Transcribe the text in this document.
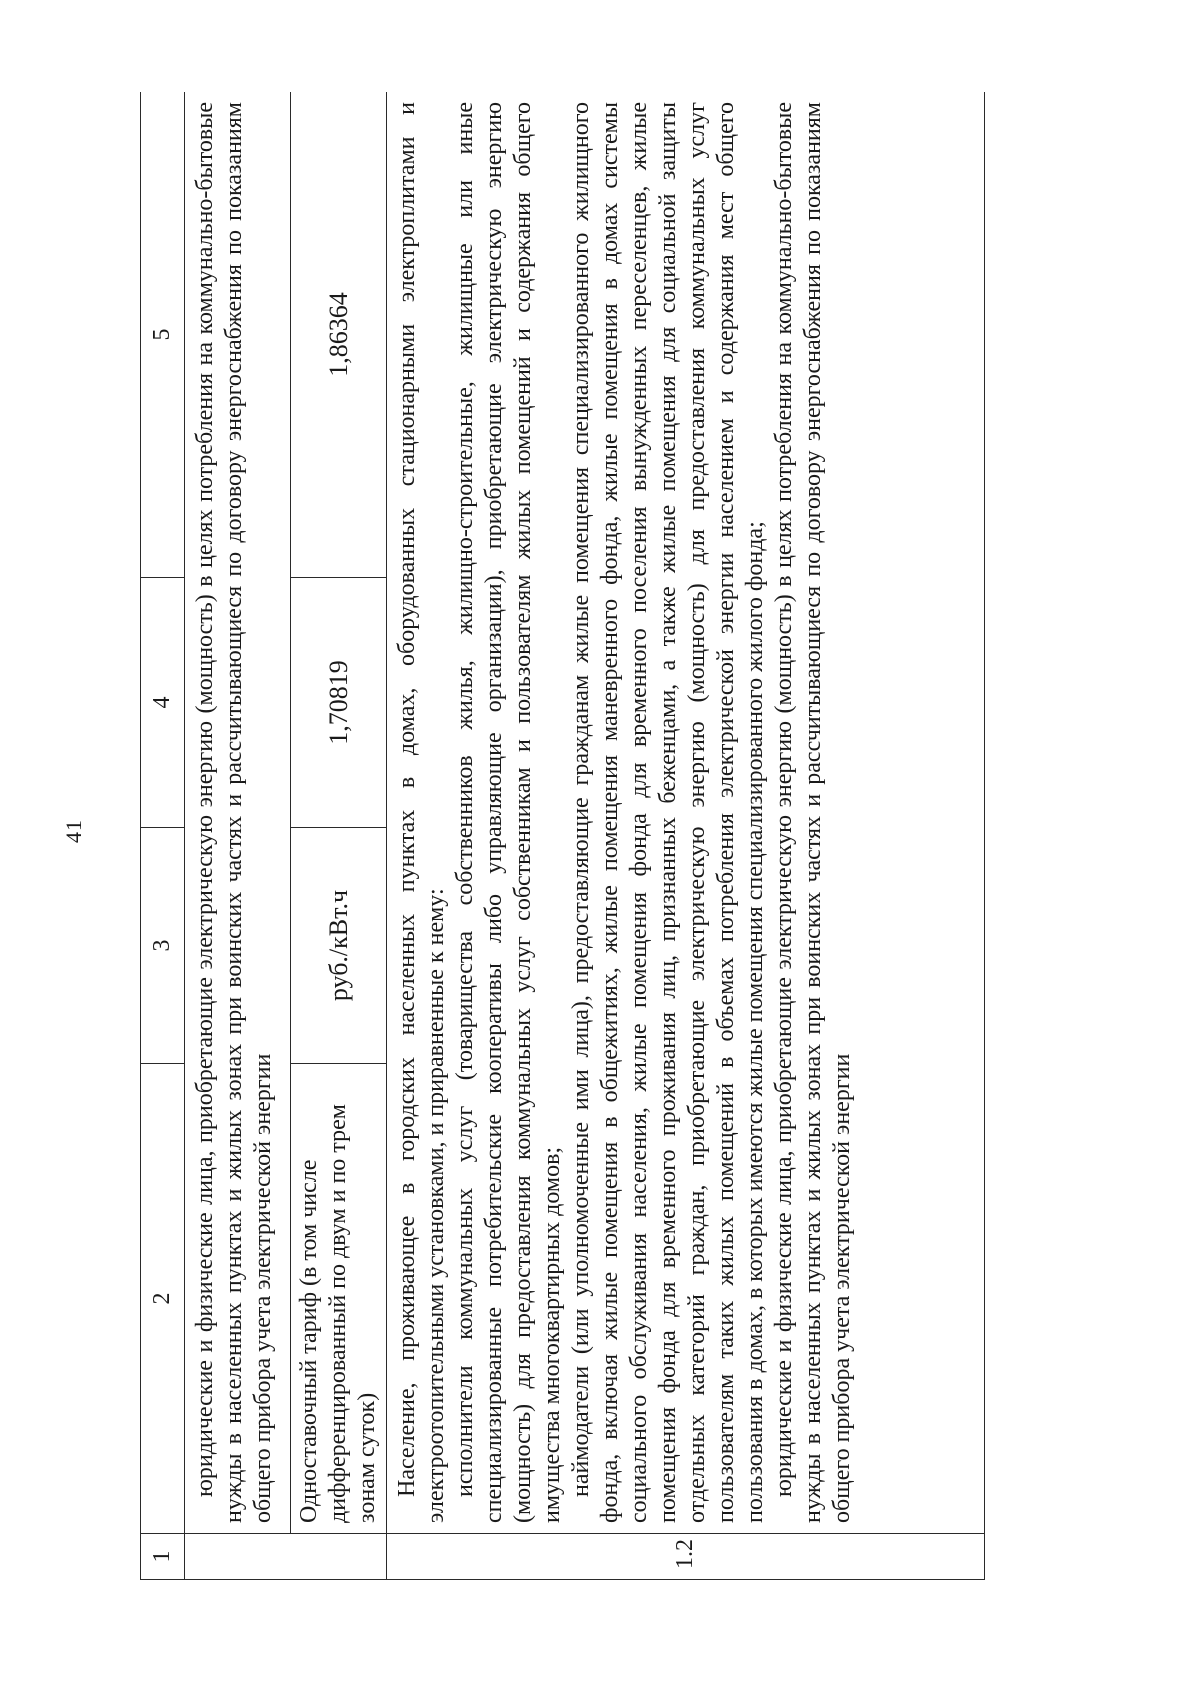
41
1	2	3	4	5

	юридические и физические лица, приобретающие электрическую энергию (мощность) в целях потребления на коммунально-бытовые нужды в населенных пунктах и жилых зонах при воинских частях и рассчитывающиеся по договору энергоснабжения по показаниям общего прибора учета электрической энергии			

	Одноставочный тариф (в том числе дифференцированный по двум и по трем зонам суток)	руб./кВт.ч	1,70819	1,86364
1.2	Население, проживающее в городских населенных пунктах в домах, оборудованных стационарными электроплитами и электроотопительными установками, и приравненные к нему: исполнители коммунальных услуг (товарищества собственников жилья, жилищно-строительные, жилищные или иные специализированные потребительские кооперативы либо управляющие организации), приобретающие электрическую энергию (мощность) для предоставления коммунальных услуг собственникам и пользователям жилых помещений и содержания общего имущества многоквартирных домов; наймодатели (или уполномоченные ими лица), предоставляющие гражданам жилые помещения специализированного жилищного фонда, включая жилые помещения в общежитиях, жилые помещения маневренного фонда, жилые помещения в домах системы социального обслуживания населения, жилые помещения фонда для временного поселения вынужденных переселенцев, жилые помещения фонда для временного проживания лиц, признанных беженцами, а также жилые помещения для социальной защиты отдельных категорий граждан, приобретающие электрическую энергию (мощность) для предоставления коммунальных услуг пользователям таких жилых помещений в объемах потребления электрической энергии населением и содержания мест общего пользования в домах, в которых имеются жилые помещения специализированного жилого фонда; юридические и физические лица, приобретающие электрическую энергию (мощность) в целях потребления на коммунально-бытовые нужды в населенных пунктах и жилых зонах при воинских частях и рассчитывающиеся по договору энергоснабжения по показаниям общего прибора учета электрической энергии			
